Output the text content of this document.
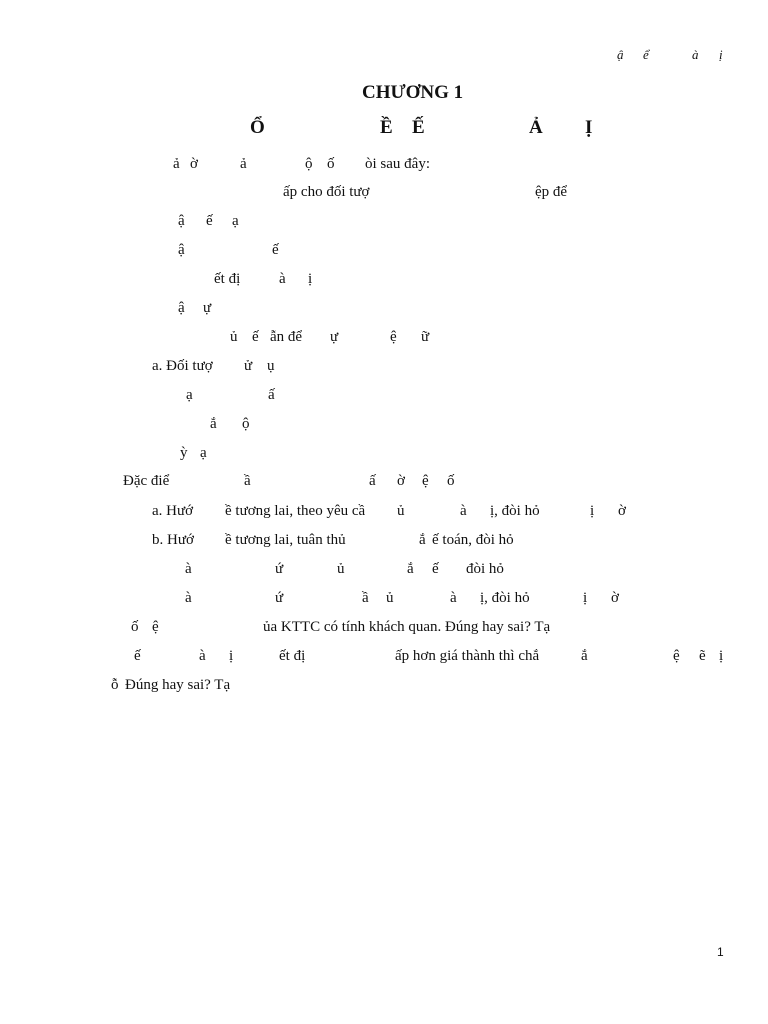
ậ ể	à ị
CHƯƠNG 1
Ổ	Ề Ế	Ả Ị
ả ờ	ả	ộ ố òi sau đây:
ấp cho đối tượ	ệp để
ậ ế ạ
ậ	ế
ết đị	à ị
ậ ự
ủ ế ẫn để ự	ệ ữ
a. Đối tượ ử ụ
ạ	ấ
ắ ộ
ỳ ạ
Đặc điể	ầ	ấ ờ ệ ố
a. Hướ ề tương lai, theo yêu cầ ủ	à ị, đòi hỏ	ị ờ
b. Hướ ề tương lai, tuân thủ	ắ ế toán, đòi hỏ
à	ứ	ủ	ắ ế đòi hỏ
à	ứ	ầ ủ	à ị, đòi hỏ	ị ờ
ố ệ	ủa KTTC có tính khách quan. Đúng hay sai? Tạ
ế	à ị	ết đị	ấp hơn giá thành thì chắ	ắ	ệ ẽ ị
ỗ Đúng hay sai? Tạ
1
